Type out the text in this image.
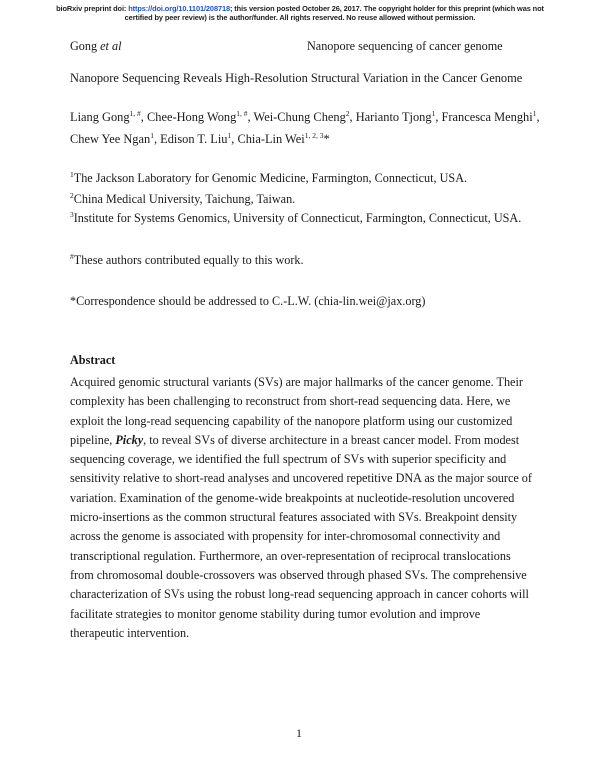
bioRxiv preprint doi: https://doi.org/10.1101/208718; this version posted October 26, 2017. The copyright holder for this preprint (which was not
certified by peer review) is the author/funder. All rights reserved. No reuse allowed without permission.
Gong et al	Nanopore sequencing of cancer genome
Nanopore Sequencing Reveals High-Resolution Structural Variation in the Cancer Genome
Liang Gong$^{1, \#}$, Chee-Hong Wong$^{1, \#}$, Wei-Chung Cheng$^2$, Harianto Tjong$^1$, Francesca Menghi$^1$,
Chew Yee Ngan$^1$, Edison T. Liu$^1$, Chia-Lin Wei$^{1, 2, 3}$*
$^1$The Jackson Laboratory for Genomic Medicine, Farmington, Connecticut, USA.
$^2$China Medical University, Taichung, Taiwan.
$^3$Institute for Systems Genomics, University of Connecticut, Farmington, Connecticut, USA.
#These authors contributed equally to this work.
*Correspondence should be addressed to C.-L.W. (chia-lin.wei@jax.org)
Abstract
Acquired genomic structural variants (SVs) are major hallmarks of the cancer genome. Their complexity has been challenging to reconstruct from short-read sequencing data. Here, we exploit the long-read sequencing capability of the nanopore platform using our customized pipeline, Picky, to reveal SVs of diverse architecture in a breast cancer model. From modest sequencing coverage, we identified the full spectrum of SVs with superior specificity and sensitivity relative to short-read analyses and uncovered repetitive DNA as the major source of variation. Examination of the genome-wide breakpoints at nucleotide-resolution uncovered micro-insertions as the common structural features associated with SVs. Breakpoint density across the genome is associated with propensity for inter-chromosomal connectivity and transcriptional regulation. Furthermore, an over-representation of reciprocal translocations from chromosomal double-crossovers was observed through phased SVs. The comprehensive characterization of SVs using the robust long-read sequencing approach in cancer cohorts will facilitate strategies to monitor genome stability during tumor evolution and improve therapeutic intervention.
1
